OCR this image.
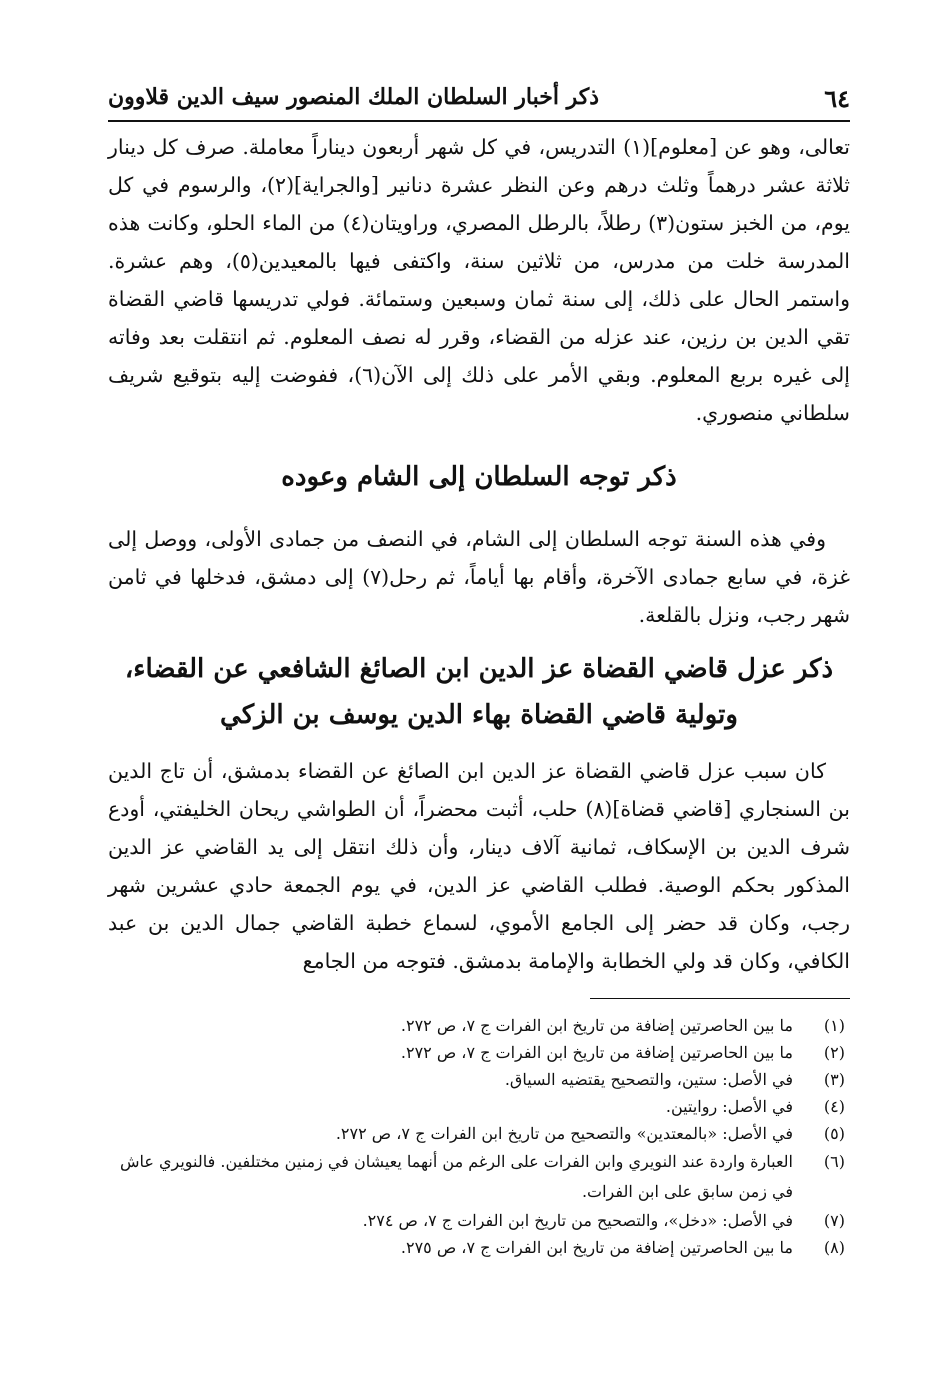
٦٤
ذكر أخبار السلطان الملك المنصور سيف الدين قلاوون

تعالى، وهو عن [معلوم](١) التدريس، في كل شهر أربعون ديناراً معاملة. صرف كل دينار ثلاثة عشر درهماً وثلث درهم وعن النظر عشرة دنانير [والجراية](٢)، والرسوم في كل يوم، من الخبز ستون(٣) رطلاً، بالرطل المصري، وراويتان(٤) من الماء الحلو، وكانت هذه المدرسة خلت من مدرس، من ثلاثين سنة، واكتفى فيها بالمعيدين(٥)، وهم عشرة. واستمر الحال على ذلك، إلى سنة ثمان وسبعين وستمائة. فولي تدريسها قاضي القضاة تقي الدين بن رزين، عند عزله من القضاء، وقرر له نصف المعلوم. ثم انتقلت بعد وفاته إلى غيره بربع المعلوم. وبقي الأمر على ذلك إلى الآن(٦)، ففوضت إليه بتوقيع شريف سلطاني منصوري.

ذكر توجه السلطان إلى الشام وعوده

وفي هذه السنة توجه السلطان إلى الشام، في النصف من جمادى الأولى، ووصل إلى غزة، في سابع جمادى الآخرة، وأقام بها أياماً، ثم رحل(٧) إلى دمشق، فدخلها في ثامن شهر رجب، ونزل بالقلعة.

ذكر عزل قاضي القضاة عز الدين ابن الصائغ الشافعي عن القضاء،
وتولية قاضي القضاة بهاء الدين يوسف بن الزكي

كان سبب عزل قاضي القضاة عز الدين ابن الصائغ عن القضاء بدمشق، أن تاج الدين بن السنجاري [قاضي قضاة](٨) حلب، أثبت محضراً، أن الطواشي ريحان الخليفتي، أودع شرف الدين بن الإسكاف، ثمانية آلاف دينار، وأن ذلك انتقل إلى يد القاضي عز الدين المذكور بحكم الوصية. فطلب القاضي عز الدين، في يوم الجمعة حادي عشرين شهر رجب، وكان قد حضر إلى الجامع الأموي، لسماع خطبة القاضي جمال الدين بن عبد الكافي، وكان قد ولي الخطابة والإمامة بدمشق. فتوجه من الجامع

(١)
ما بين الحاصرتين إضافة من تاريخ ابن الفرات ج ٧، ص ٢٧٢.
(٢)
ما بين الحاصرتين إضافة من تاريخ ابن الفرات ج ٧، ص ٢٧٢.
(٣)
في الأصل: ستين، والتصحيح يقتضيه السياق.
(٤)
في الأصل: روايتين.
(٥)
في الأصل: «بالمعتدين» والتصحيح من تاريخ ابن الفرات ج ٧، ص ٢٧٢.
(٦)
العبارة واردة عند النويري وابن الفرات على الرغم من أنهما يعيشان في زمنين مختلفين. فالنويري عاش في زمن سابق على ابن الفرات.
(٧)
في الأصل: «دخل»، والتصحيح من تاريخ ابن الفرات ج ٧، ص ٢٧٤.
(٨)
ما بين الحاصرتين إضافة من تاريخ ابن الفرات ج ٧، ص ٢٧٥.
